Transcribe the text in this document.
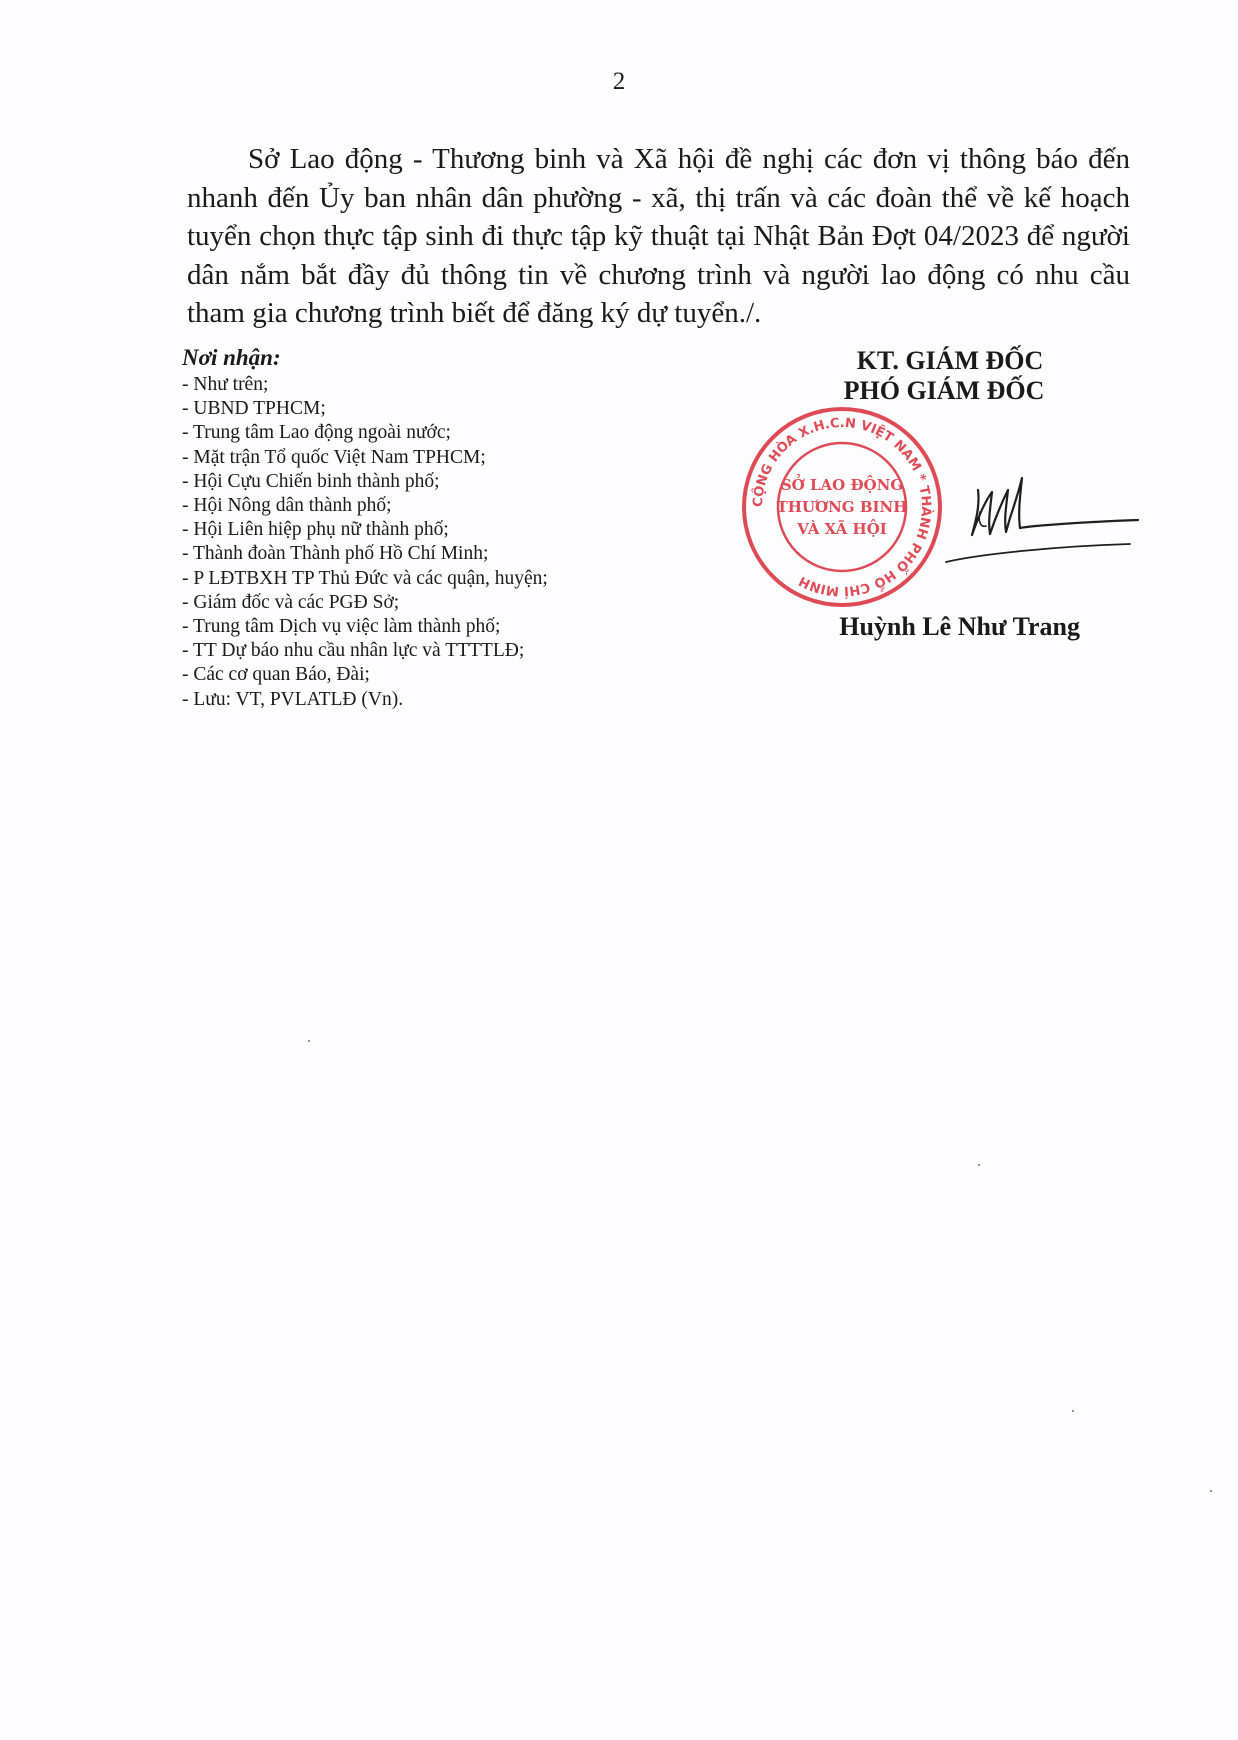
2

Sở Lao động - Thương binh và Xã hội đề nghị các đơn vị thông báo đến nhanh đến Ủy ban nhân dân phường - xã, thị trấn và các đoàn thể về kế hoạch tuyển chọn thực tập sinh đi thực tập kỹ thuật tại Nhật Bản Đợt 04/2023 để người dân nắm bắt đầy đủ thông tin về chương trình và người lao động có nhu cầu tham gia chương trình biết để đăng ký dự tuyển./.

Nơi nhận:
- Như trên;
- UBND TPHCM;
- Trung tâm Lao động ngoài nước;
- Mặt trận Tổ quốc Việt Nam TPHCM;
- Hội Cựu Chiến binh thành phố;
- Hội Nông dân thành phố;
- Hội Liên hiệp phụ nữ thành phố;
- Thành đoàn Thành phố Hồ Chí Minh;
- P LĐTBXH TP Thủ Đức và các quận, huyện;
- Giám đốc và các PGĐ Sở;
- Trung tâm Dịch vụ việc làm thành phố;
- TT Dự báo nhu cầu nhân lực và TTTTLĐ;
- Các cơ quan Báo, Đài;
- Lưu: VT, PVLATLĐ (Vn).
KT. GIÁM ĐỐC
PHÓ GIÁM ĐỐC
CỘNG HÒA X.H.C.N VIỆT NAM * THÀNH PHỐ HỒ CHÍ MINH
SỞ LAO ĐỘNG
THƯƠNG BINH
VÀ XÃ HỘI
Huỳnh Lê Như Trang
